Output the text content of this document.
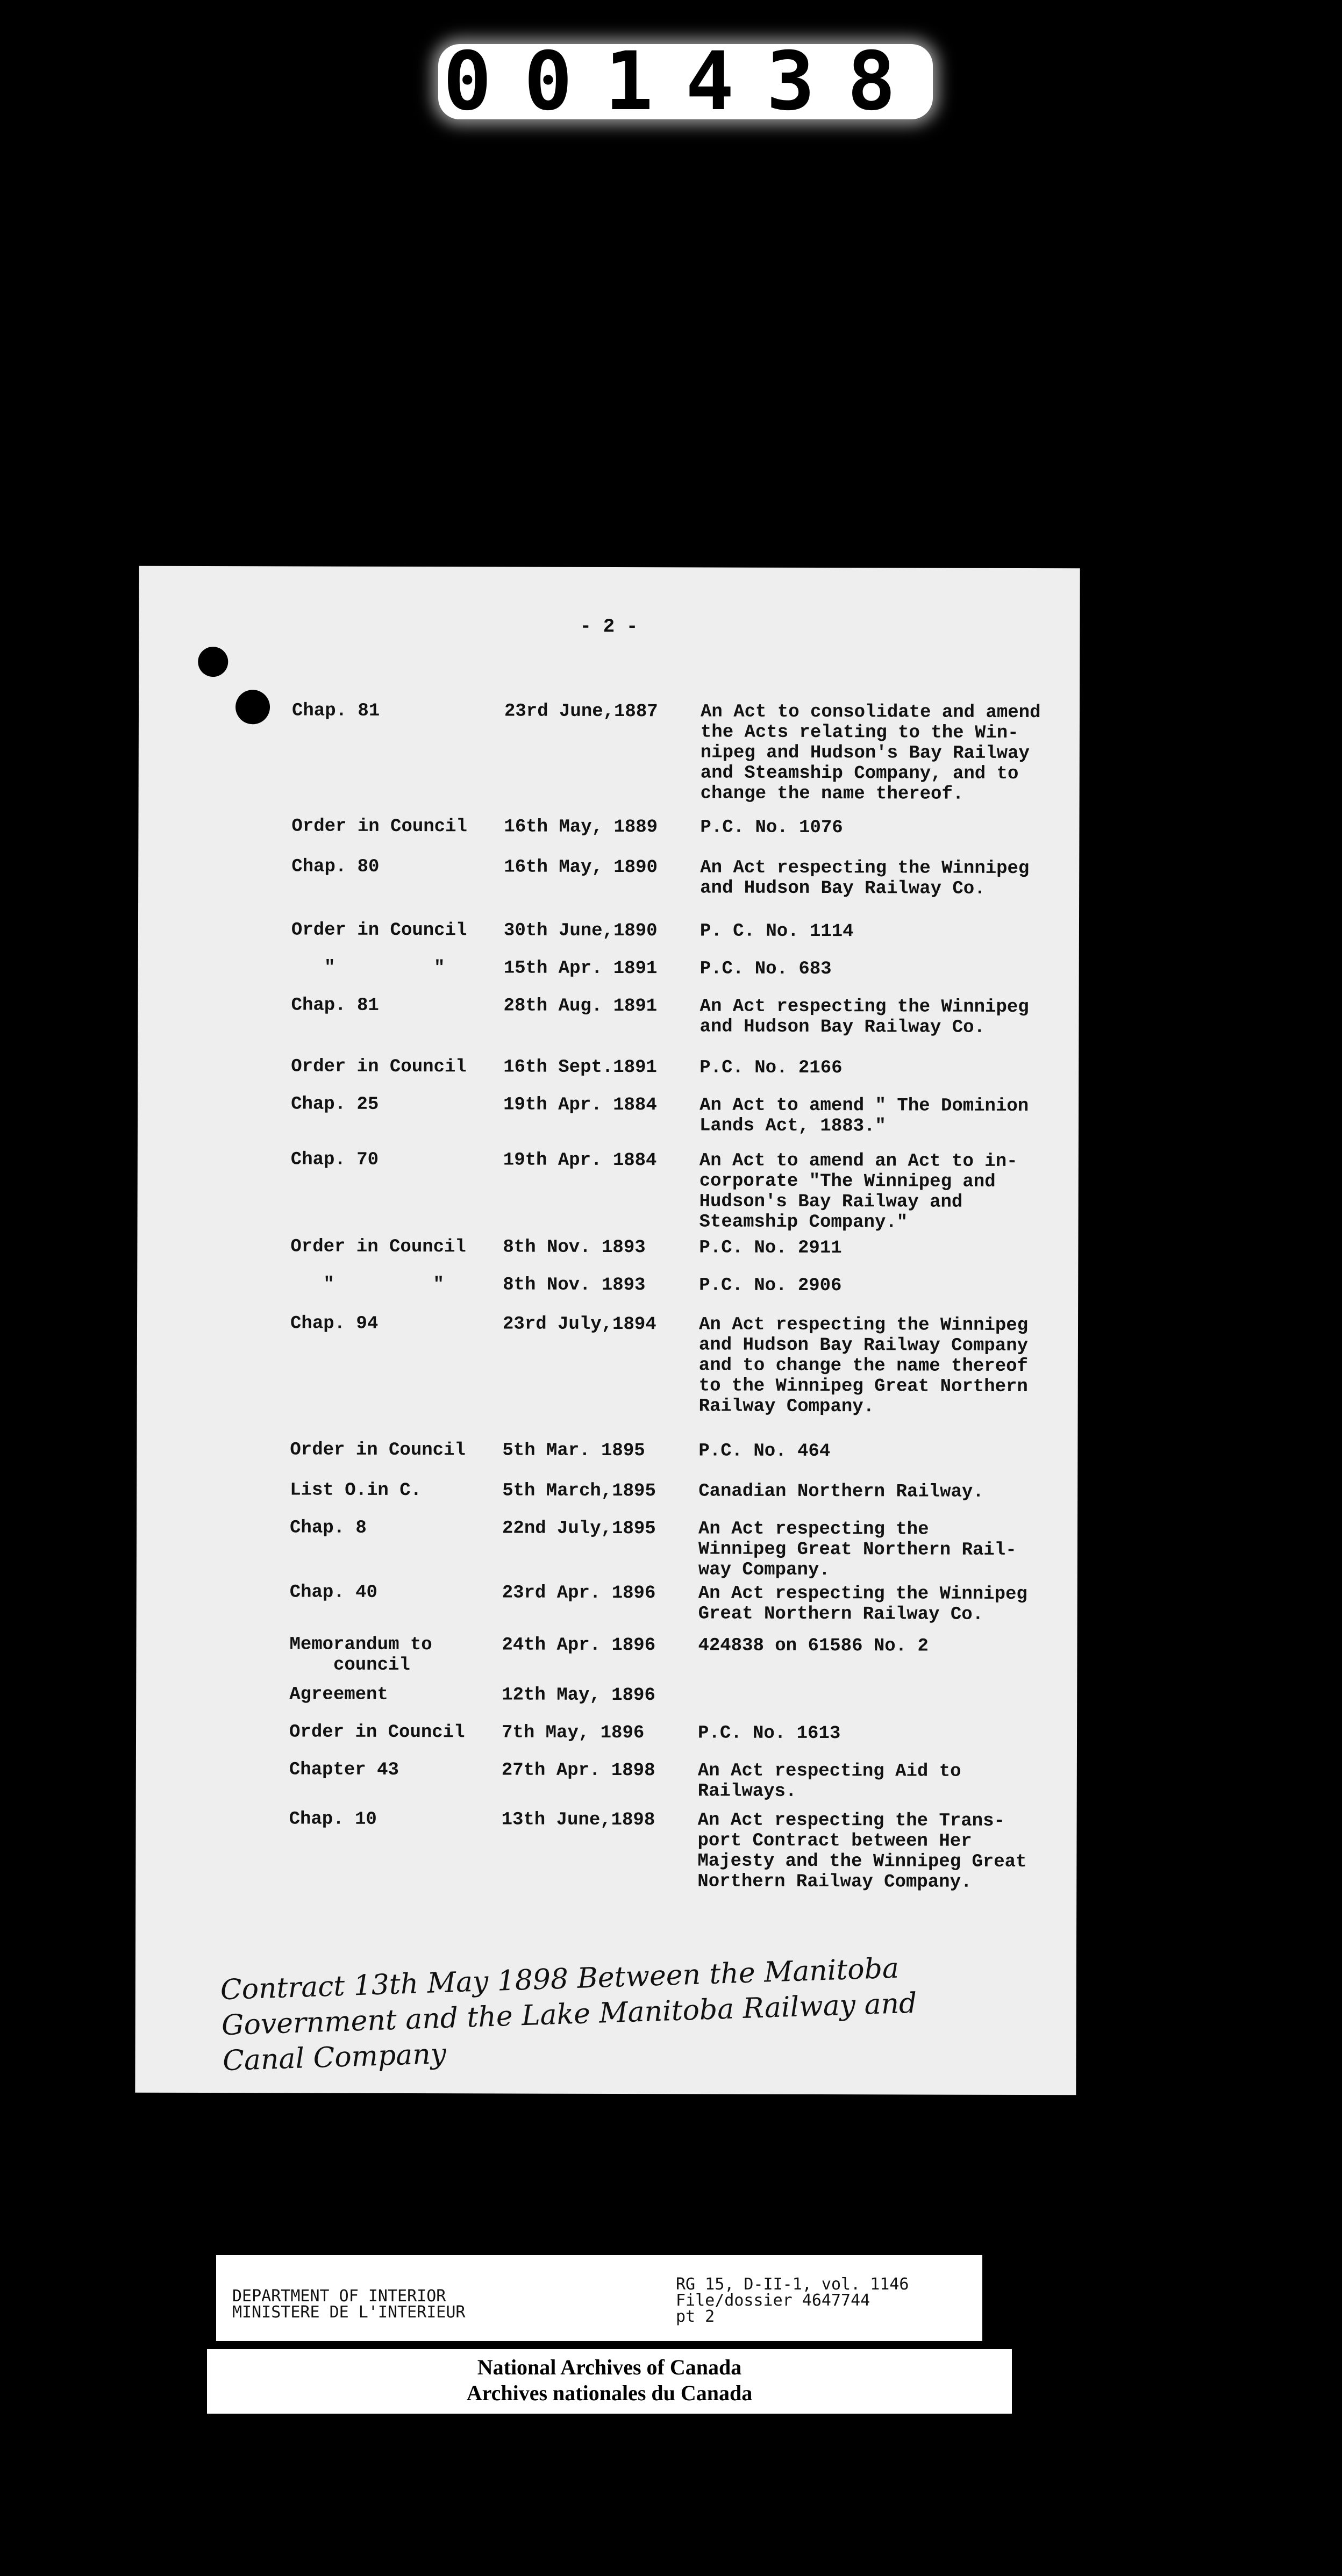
001438
- 2 -
Chap. 81	23rd June,1887	An Act to consolidate and amend
the Acts relating to the Win-
nipeg and Hudson's Bay Railway
and Steamship Company, and to
change the name thereof.
Order in Council	16th May, 1889	P.C. No. 1076
Chap. 80	16th May, 1890	An Act respecting the Winnipeg
and Hudson Bay Railway Co.
Order in Council	30th June,1890	P. C. No. 1114
"         "	15th Apr. 1891	P.C. No. 683
Chap. 81	28th Aug. 1891	An Act respecting the Winnipeg
and Hudson Bay Railway Co.
Order in Council	16th Sept.1891	P.C. No. 2166
Chap. 25	19th Apr. 1884	An Act to amend " The Dominion
Lands Act, 1883."
Chap. 70	19th Apr. 1884	An Act to amend an Act to in-
corporate "The Winnipeg and
Hudson's Bay Railway and
Steamship Company."
Order in Council	8th Nov. 1893	P.C. No. 2911
"         "	8th Nov. 1893	P.C. No. 2906
Chap. 94	23rd July,1894	An Act respecting the Winnipeg
and Hudson Bay Railway Company
and to change the name thereof
to the Winnipeg Great Northern
Railway Company.
Order in Council	5th Mar. 1895	P.C. No. 464
List O.in C.	5th March,1895	Canadian Northern Railway.
Chap. 8	22nd July,1895	An Act respecting the
Winnipeg Great Northern Rail-
way Company.
Chap. 40	23rd Apr. 1896	An Act respecting the Winnipeg
Great Northern Railway Co.
Memorandum to
council
24th Apr. 1896	424838 on 61586 No. 2
Agreement	12th May, 1896
Order in Council	7th May, 1896	P.C. No. 1613
Chapter 43	27th Apr. 1898	An Act respecting Aid to
Railways.
Chap. 10	13th June,1898	An Act respecting the Trans-
port Contract between Her
Majesty and the Winnipeg Great
Northern Railway Company.
Contract 13th May 1898 Between the Manitoba
Government and the Lake Manitoba Railway and
Canal Company
DEPARTMENT OF INTERIOR
MINISTERE DE L'INTERIEUR
RG 15, D-II-1, vol. 1146
File/dossier 4647744
pt 2
National Archives of Canada
Archives nationales du Canada
